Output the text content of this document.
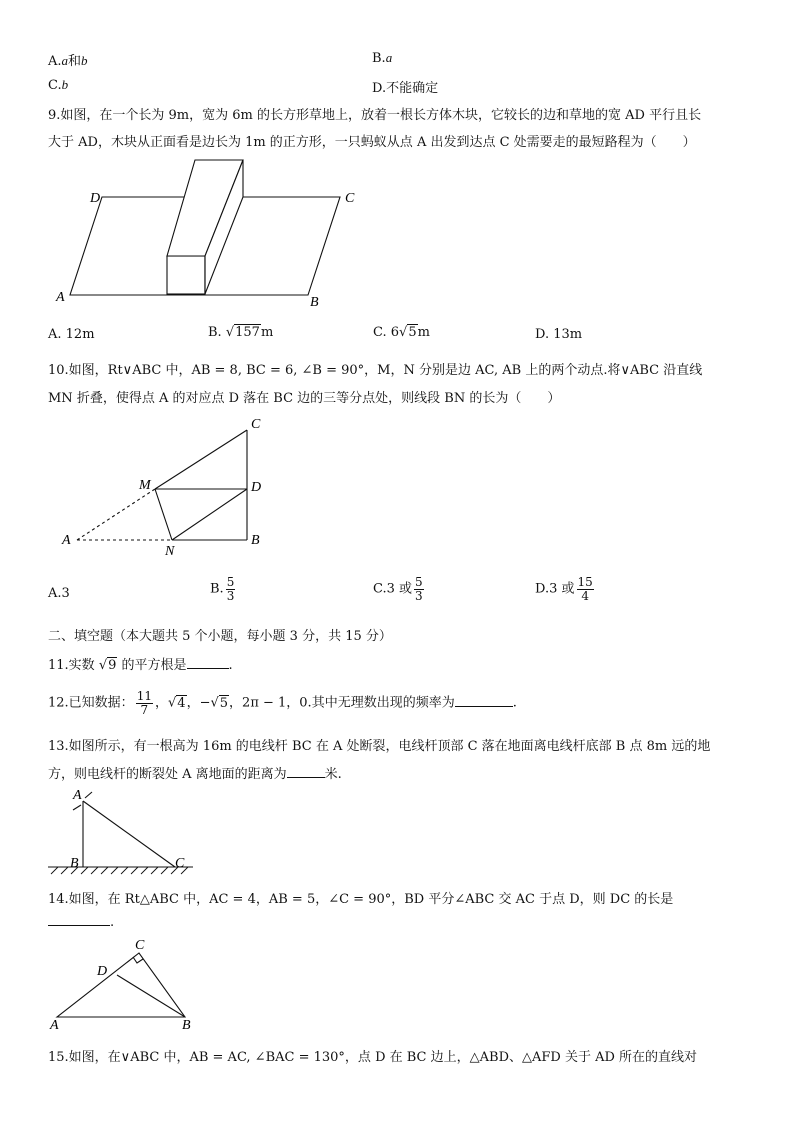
A.a和b	B.a
C.b	D.不能确定
9.如图，在一个长为 9m，宽为 6m 的长方形草地上，放着一根长方体木块，它较长的边和草地的宽 AD 平行且长
大于 AD，木块从正面看是边长为 1m 的正方形，一只蚂蚁从点 A 出发到达点 C 处需要走的最短路程为（　　）
D	C
A	B
A. 12m	B. √157m	C. 6√5m	D. 13m
10.如图，Rt∨ABC 中，AB = 8, BC = 6, ∠B = 90°，M，N 分别是边 AC, AB 上的两个动点.将∨ABC 沿直线
MN 折叠，使得点 A 的对应点 D 落在 BC 边的三等分点处，则线段 BN 的长为（　　）
C
M	D
A
N
B
A.3	B. $\frac{5}{3}$	C.3 或 $\frac{5}{3}$	D.3 或 $\frac{15}{4}$
二、填空题（本大题共 5 个小题，每小题 3 分，共 15 分）
11.实数 √9 的平方根是	.
12.已知数据： $\frac{11}{7}$ ，√4，−√5，2π − 1，0.其中无理数出现的频率为	.
13.如图所示，有一根高为 16m 的电线杆 BC 在 A 处断裂，电线杆顶部 C 落在地面离电线杆底部 B 点 8m 远的地
方，则电线杆的断裂处 A 离地面的距离为	米.
A
B	C
14.如图，在 Rt△ABC 中，AC = 4，AB = 5，∠C = 90°，BD 平分∠ABC 交 AC 于点 D，则 DC 的长是
.
C
D
A	B
15.如图，在∨ABC 中，AB = AC, ∠BAC = 130°，点 D 在 BC 边上，△ABD、△AFD 关于 AD 所在的直线对
